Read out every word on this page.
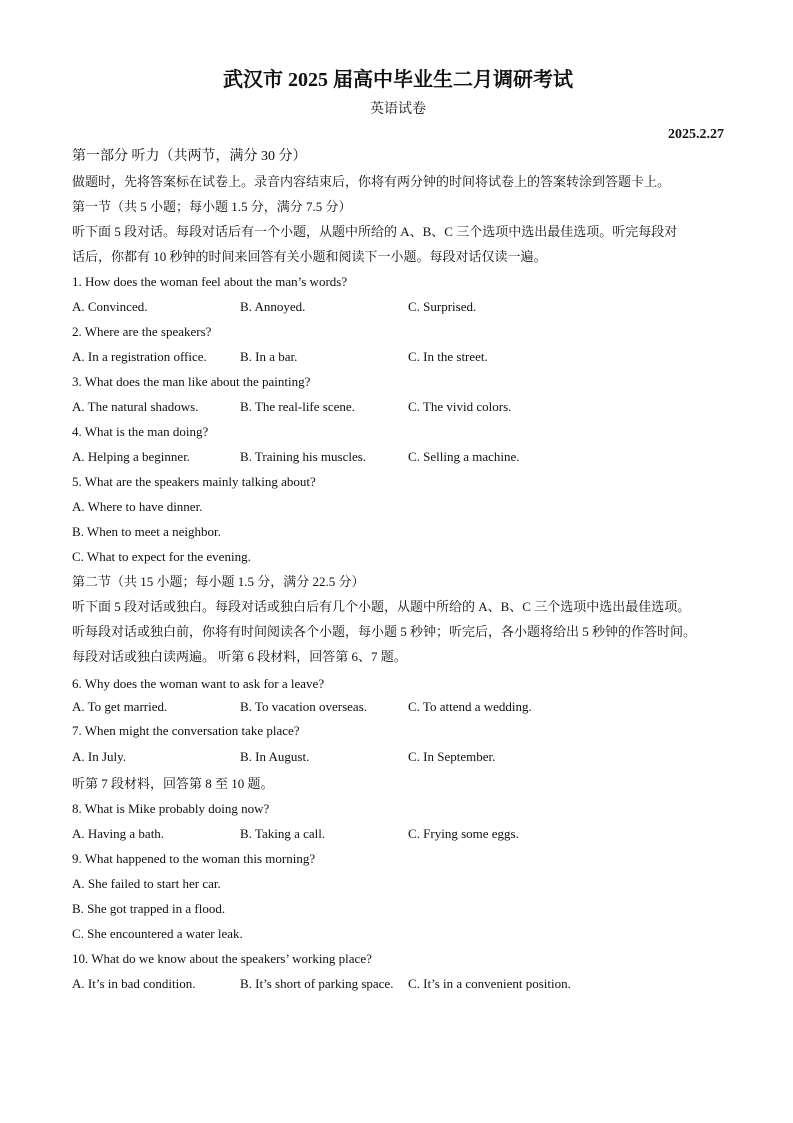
武汉市 2025 届高中毕业生二月调研考试
英语试卷
2025.2.27
第一部分 听力（共两节，满分 30 分）
做题时，先将答案标在试卷上。录音内容结束后，你将有两分钟的时间将试卷上的答案转涂到答题卡上。
第一节（共 5 小题；每小题 1.5 分，满分 7.5 分）
听下面 5 段对话。每段对话后有一个小题，从题中所给的 A、B、C 三个选项中选出最佳选项。听完每段对
话后，你都有 10 秒钟的时间来回答有关小题和阅读下一小题。每段对话仅读一遍。
1. How does the woman feel about the man’s words?
A. Convinced.	B. Annoyed.	C. Surprised.
2. Where are the speakers?
A. In a registration office.	B. In a bar.	C. In the street.
3. What does the man like about the painting?
A. The natural shadows.	B. The real-life scene.	C. The vivid colors.
4. What is the man doing?
A. Helping a beginner.	B. Training his muscles.	C. Selling a machine.
5. What are the speakers mainly talking about?
A. Where to have dinner.
B. When to meet a neighbor.
C. What to expect for the evening.
第二节（共 15 小题；每小题 1.5 分，满分 22.5 分）
听下面 5 段对话或独白。每段对话或独白后有几个小题，从题中所给的 A、B、C 三个选项中选出最佳选项。
听每段对话或独白前，你将有时间阅读各个小题，每小题 5 秒钟；听完后，各小题将给出 5 秒钟的作答时间。
每段对话或独白读两遍。 听第 6 段材料，回答第 6、7 题。
6. Why does the woman want to ask for a leave?
A. To get married.	B. To vacation overseas.	C. To attend a wedding.
7. When might the conversation take place?
A. In July.	B. In August.	C. In September.
听第 7 段材料，回答第 8 至 10 题。
8. What is Mike probably doing now?
A. Having a bath.	B. Taking a call.	C. Frying some eggs.
9. What happened to the woman this morning?
A. She failed to start her car.
B. She got trapped in a flood.
C. She encountered a water leak.
10. What do we know about the speakers’ working place?
A. It’s in bad condition.	B. It’s short of parking space.	C. It’s in a convenient position.
